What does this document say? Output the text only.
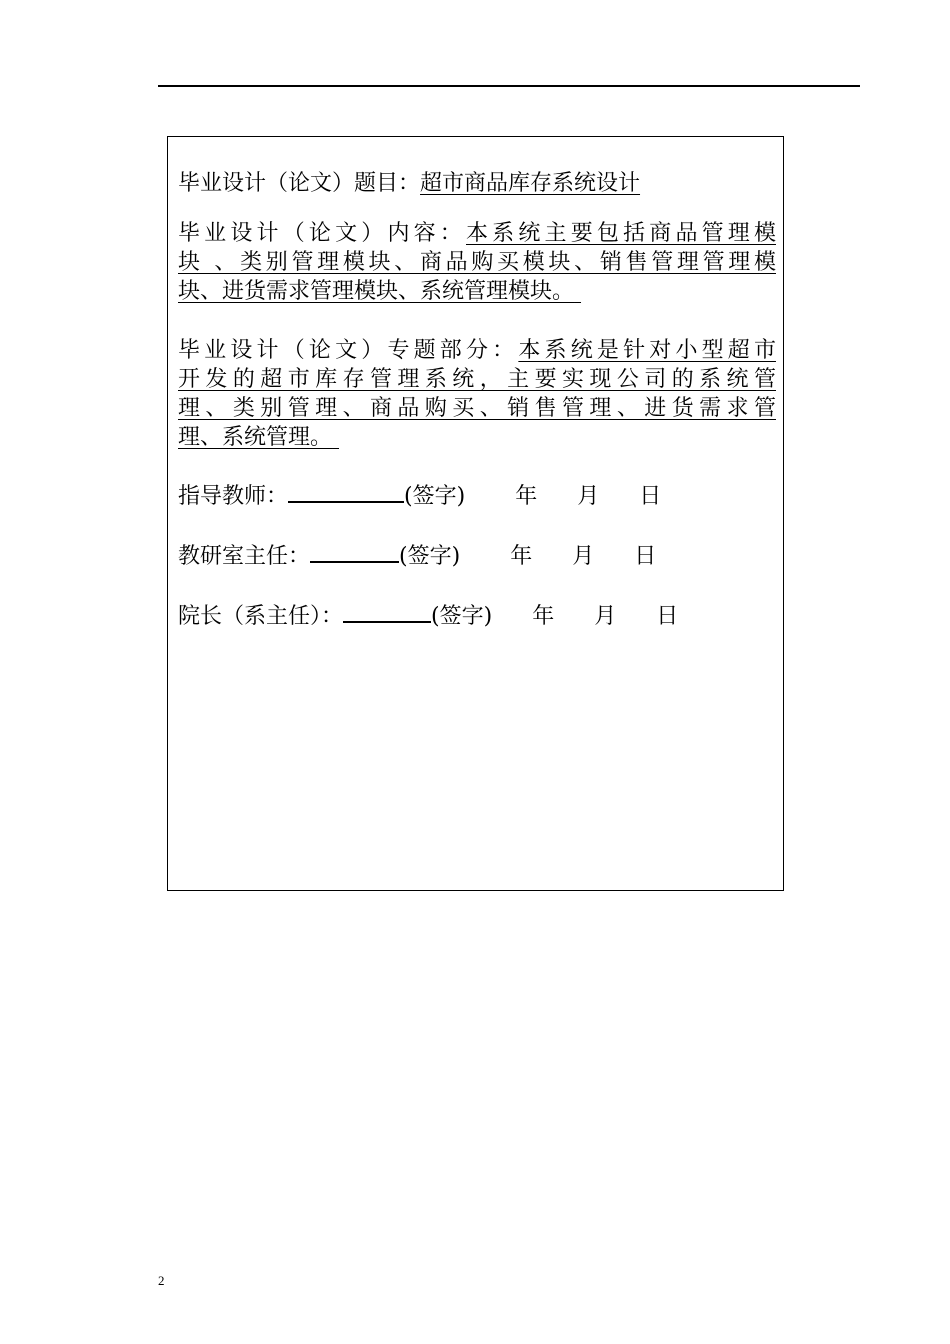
毕业设计（论文）题目：超市商品库存系统设计
毕业设计（论文）内容：本系统主要包括商品管理模
块 、类别管理模块、商品购买模块、销售管理管理模
块、进货需求管理模块、系统管理模块。
毕业设计（论文）专题部分：本系统是针对小型超市
开发的超市库存管理系统，主要实现公司的系统管
理、类别管理、商品购买、销售管理、进货需求管
理、系统管理。
指导教师：	(签字) 年 月 日
教研室主任：	(签字) 年 月 日
院长（系主任）：	(签字) 年 月 日
2
